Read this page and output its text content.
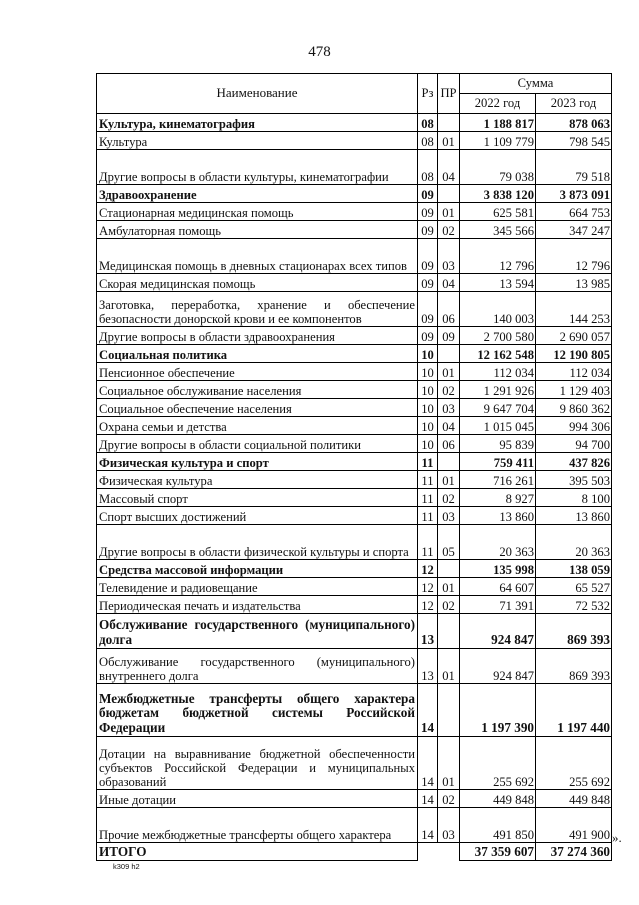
478
Наименование	Рз	ПР	Сумма	
			2022 год	2023 год
Культура, кинематография	08		1 188 817	878 063
Культура	08	01	1 109 779	798 545
Другие вопросы в области культуры, кинематографии	08	04	79 038	79 518
Здравоохранение	09		3 838 120	3 873 091
Стационарная медицинская помощь	09	01	625 581	664 753
Амбулаторная помощь	09	02	345 566	347 247
Медицинская помощь в дневных стационарах всех типов	09	03	12 796	12 796
Скорая медицинская помощь	09	04	13 594	13 985
Заготовка, переработка, хранение и обеспечение безопасности донорской крови и ее компонентов	09	06	140 003	144 253
Другие вопросы в области здравоохранения	09	09	2 700 580	2 690 057
Социальная политика	10		12 162 548	12 190 805
Пенсионное обеспечение	10	01	112 034	112 034
Социальное обслуживание населения	10	02	1 291 926	1 129 403
Социальное обеспечение населения	10	03	9 647 704	9 860 362
Охрана семьи и детства	10	04	1 015 045	994 306
Другие вопросы в области социальной политики	10	06	95 839	94 700
Физическая культура и спорт	11		759 411	437 826
Физическая культура	11	01	716 261	395 503
Массовый спорт	11	02	8 927	8 100
Спорт высших достижений	11	03	13 860	13 860
Другие вопросы в области физической культуры и спорта	11	05	20 363	20 363
Средства массовой информации	12		135 998	138 059
Телевидение и радиовещание	12	01	64 607	65 527
Периодическая печать и издательства	12	02	71 391	72 532
Обслуживание государственного (муниципального) долга	13		924 847	869 393
Обслуживание государственного (муниципального) внутреннего долга	13	01	924 847	869 393
Межбюджетные трансферты общего характера бюджетам бюджетной системы Российской Федерации	14		1 197 390	1 197 440
Дотации на выравнивание бюджетной обеспеченности субъектов Российской Федерации и муниципальных образований	14	01	255 692	255 692
Иные дотации	14	02	449 848	449 848
Прочие межбюджетные трансферты общего характера	14	03	491 850	491 900
ИТОГО			37 359 607	37 274 360
».
k309 h2
